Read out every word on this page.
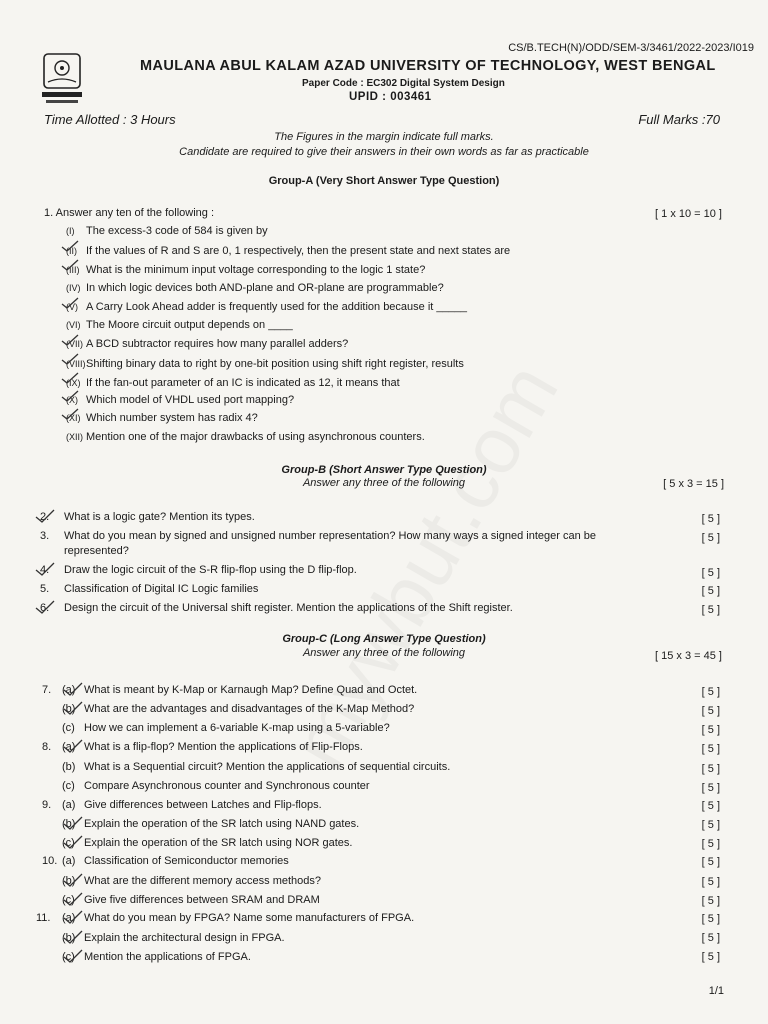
CS/B.TECH(N)/ODD/SEM-3/3461/2022-2023/I019
MAULANA ABUL KALAM AZAD UNIVERSITY OF TECHNOLOGY, WEST BENGAL
Paper Code : EC302 Digital System Design
UPID : 003461
Time Allotted : 3 Hours	Full Marks :70
The Figures in the margin indicate full marks.
Candidate are required to give their answers in their own words as far as practicable
Group-A (Very Short Answer Type Question)
1. Answer any ten of the following :	[ 1 x 10 = 10 ]
(I) The excess-3 code of 584 is given by
(II) If the values of R and S are 0, 1 respectively, then the present state and next states are
(III) What is the minimum input voltage corresponding to the logic 1 state?
(IV) In which logic devices both AND-plane and OR-plane are programmable?
(V) A Carry Look Ahead adder is frequently used for the addition because it _____
(VI) The Moore circuit output depends on ____
(VII) A BCD subtractor requires how many parallel adders?
(VIII)Shifting binary data to right by one-bit position using shift right register, results
(IX) If the fan-out parameter of an IC is indicated as 12, it means that
(X) Which model of VHDL used port mapping?
(XI) Which number system has radix 4?
(XII) Mention one of the major drawbacks of using asynchronous counters.
Group-B (Short Answer Type Question)
Answer any three of the following	[ 5 x 3 = 15 ]
2. What is a logic gate? Mention its types.	[ 5 ]
3. What do you mean by signed and unsigned number representation? How many ways a signed integer can be
represented?
[ 5 ]
4. Draw the logic circuit of the S-R flip-flop using the D flip-flop.	[ 5 ]
5. Classification of Digital IC Logic families	[ 5 ]
6. Design the circuit of the Universal shift register. Mention the applications of the Shift register.	[ 5 ]
Group-C (Long Answer Type Question)
Answer any three of the following	[ 15 x 3 = 45 ]
7. (a) What is meant by K-Map or Karnaugh Map? Define Quad and Octet.	[ 5 ]
(b) What are the advantages and disadvantages of the K-Map Method?	[ 5 ]
(c) How we can implement a 6-variable K-map using a 5-variable?	[ 5 ]
8. (a) What is a flip-flop? Mention the applications of Flip-Flops.	[ 5 ]
(b) What is a Sequential circuit? Mention the applications of sequential circuits.	[ 5 ]
(c) Compare Asynchronous counter and Synchronous counter	[ 5 ]
9. (a) Give differences between Latches and Flip-flops.	[ 5 ]
(b) Explain the operation of the SR latch using NAND gates.	[ 5 ]
(c) Explain the operation of the SR latch using NOR gates.	[ 5 ]
10. (a) Classification of Semiconductor memories	[ 5 ]
(b) What are the different memory access methods?	[ 5 ]
(c) Give five differences between SRAM and DRAM	[ 5 ]
11. (a) What do you mean by FPGA? Name some manufacturers of FPGA.	[ 5 ]
(b) Explain the architectural design in FPGA.	[ 5 ]
(c) Mention the applications of FPGA.	[ 5 ]
1/1
